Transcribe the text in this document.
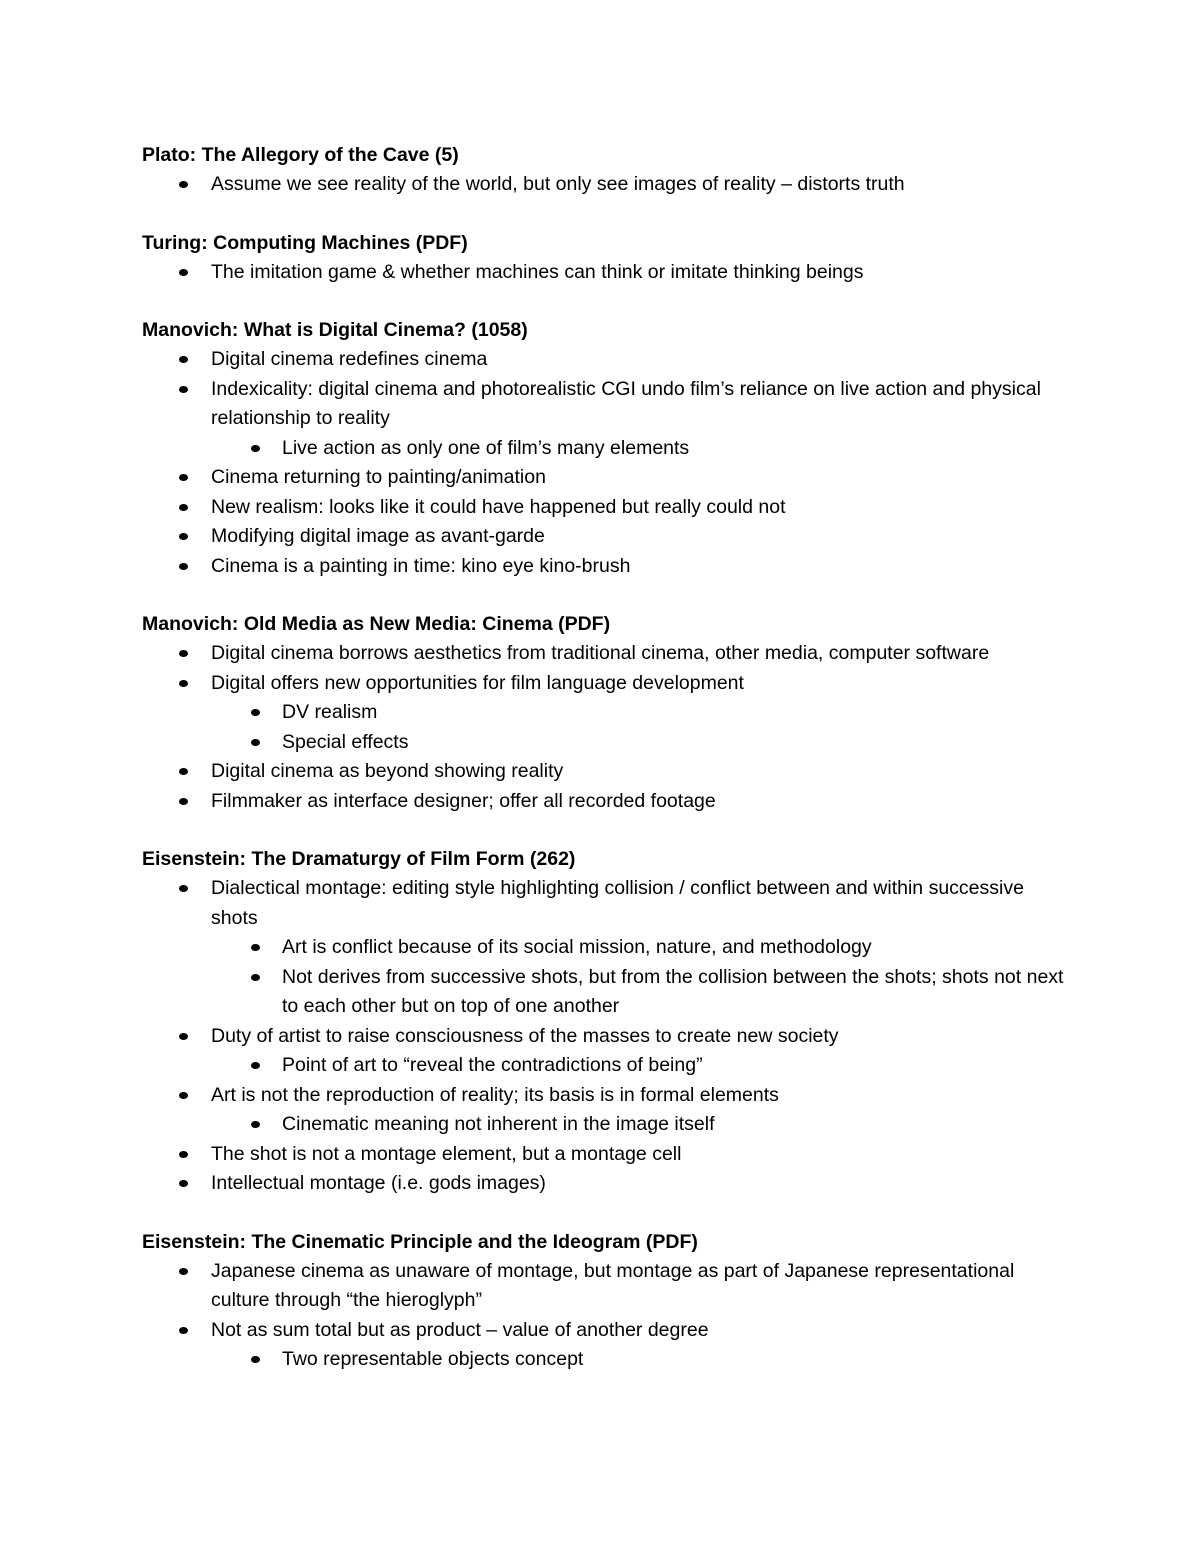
Plato: The Allegory of the Cave (5)
Assume we see reality of the world, but only see images of reality – distorts truth
Turing: Computing Machines (PDF)
The imitation game & whether machines can think or imitate thinking beings
Manovich: What is Digital Cinema? (1058)
Digital cinema redefines cinema
Indexicality: digital cinema and photorealistic CGI undo film’s reliance on live action and physical relationship to reality
Live action as only one of film’s many elements
Cinema returning to painting/animation
New realism: looks like it could have happened but really could not
Modifying digital image as avant-garde
Cinema is a painting in time: kino eye kino-brush
Manovich: Old Media as New Media: Cinema (PDF)
Digital cinema borrows aesthetics from traditional cinema, other media, computer software
Digital offers new opportunities for film language development
DV realism
Special effects
Digital cinema as beyond showing reality
Filmmaker as interface designer; offer all recorded footage
Eisenstein: The Dramaturgy of Film Form (262)
Dialectical montage: editing style highlighting collision / conflict between and within successive shots
Art is conflict because of its social mission, nature, and methodology
Not derives from successive shots, but from the collision between the shots; shots not next to each other but on top of one another
Duty of artist to raise consciousness of the masses to create new society
Point of art to “reveal the contradictions of being”
Art is not the reproduction of reality; its basis is in formal elements
Cinematic meaning not inherent in the image itself
The shot is not a montage element, but a montage cell
Intellectual montage (i.e. gods images)
Eisenstein: The Cinematic Principle and the Ideogram (PDF)
Japanese cinema as unaware of montage, but montage as part of Japanese representational culture through “the hieroglyph”
Not as sum total but as product – value of another degree
Two representable objects concept
